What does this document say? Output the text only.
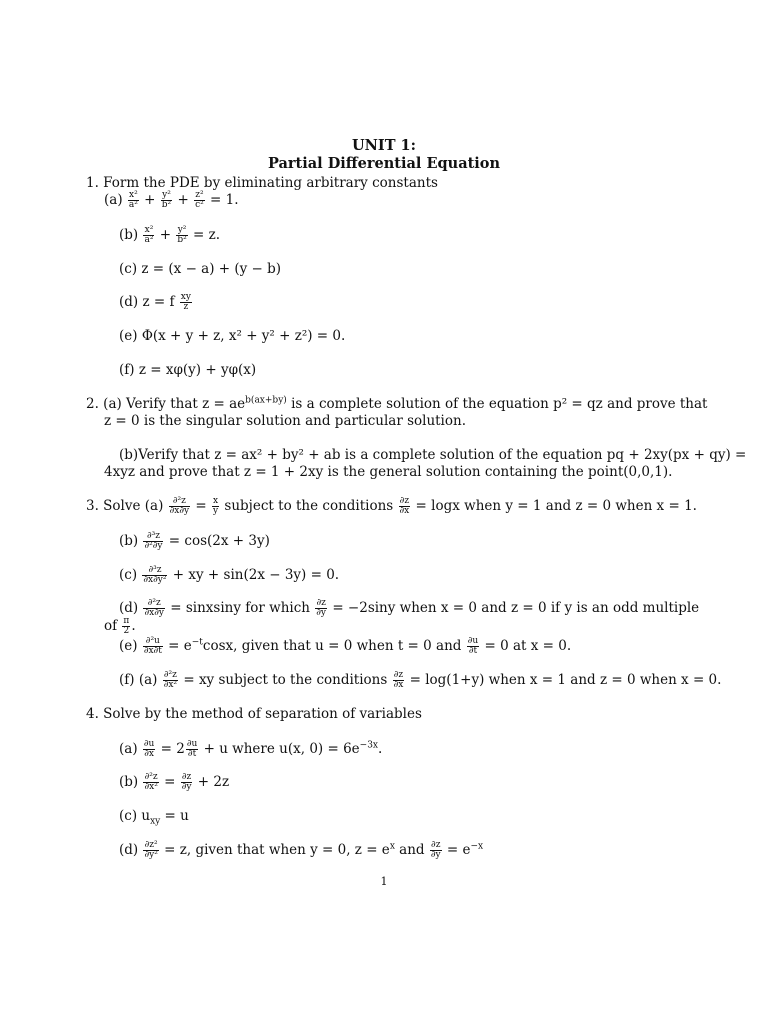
UNIT 1:
Partial Differential Equation
1. Form the PDE by eliminating arbitrary constants
$(a) \frac{\text{x²}}{\text{a²}} + \frac{\text{y²}}{\text{b²}} + \frac{\text{z²}}{\text{c²}} = 1$.
$(b) \frac{\text{x²}}{\text{a²}} + \frac{\text{y²}}{\text{b²}} = z$.
(c) z = (x − a) + (y − b)
(d) z = f $\frac{xy}{z}$
(e) Φ(x + y + z, x² + y² + z²) = 0.
(f) z = xφ(y) + yφ(x)
2. (a) Verify that $z = ae^{b(ax+by)}$ is a complete solution of the equation p² = qz and prove that
z = 0 is the singular solution and particular solution.
(b)Verify that z = ax² + by² + ab is a complete solution of the equation pq + 2xy(px + qy) =
4xyz and prove that z = 1 + 2xy is the general solution containing the point(0,0,1).
3. Solve $(a) \frac{\text{∂²z}}{\partial x\partial y} = \frac{x}{y}$ subject to the conditions $\frac{\partial z}{\partial x} = \log x$ when y = 1 and z = 0 when x = 1.
$(b) \frac{\text{∂³z}}{\text{∂²∂y}} = \cos(2x + 3y)$
$(c) \frac{\text{∂³z}}{\text{∂x∂y²}}$ + xy + sin(2x − 3y) = 0.
$(d) \frac{\text{∂²z}}{\partial x\partial y}$ = sinxsiny for which $\frac{\partial z}{\partial y} = -2\sin y$ when x = 0 and z = 0 if y is an odd multiple
of $\frac{\pi}{2}$ .
$(e) \frac{\text{∂²u}}{\partial x\partial t} = e^{-t}\cos x$, given that u = 0 when t = 0 and $\frac{\partial u}{\partial t} = 0$ at x = 0.
(f) $(a) \frac{\text{∂²z}}{\text{∂x²}}$ = xy subject to the conditions $\frac{\partial z}{\partial x} = \log(1+y)$ when x = 1 and z = 0 when x = 0.
4. Solve by the method of separation of variables
$(a) \frac{\partial u}{\partial x} = 2 \frac{\partial u}{\partial t} + u$ where u(x, $0) = 6e^{-3x}$.
$(b) \frac{\text{∂²z}}{\text{∂x²}} = \frac{\partial z}{\partial y} + 2z$
(c) $u_{xy} = u$
$(d) \frac{\text{∂z²}}{\text{∂y²}} = z$, given that when y = 0, $z = e^x$ and $\frac{\partial z}{\partial y} = e^{-x}$
1
